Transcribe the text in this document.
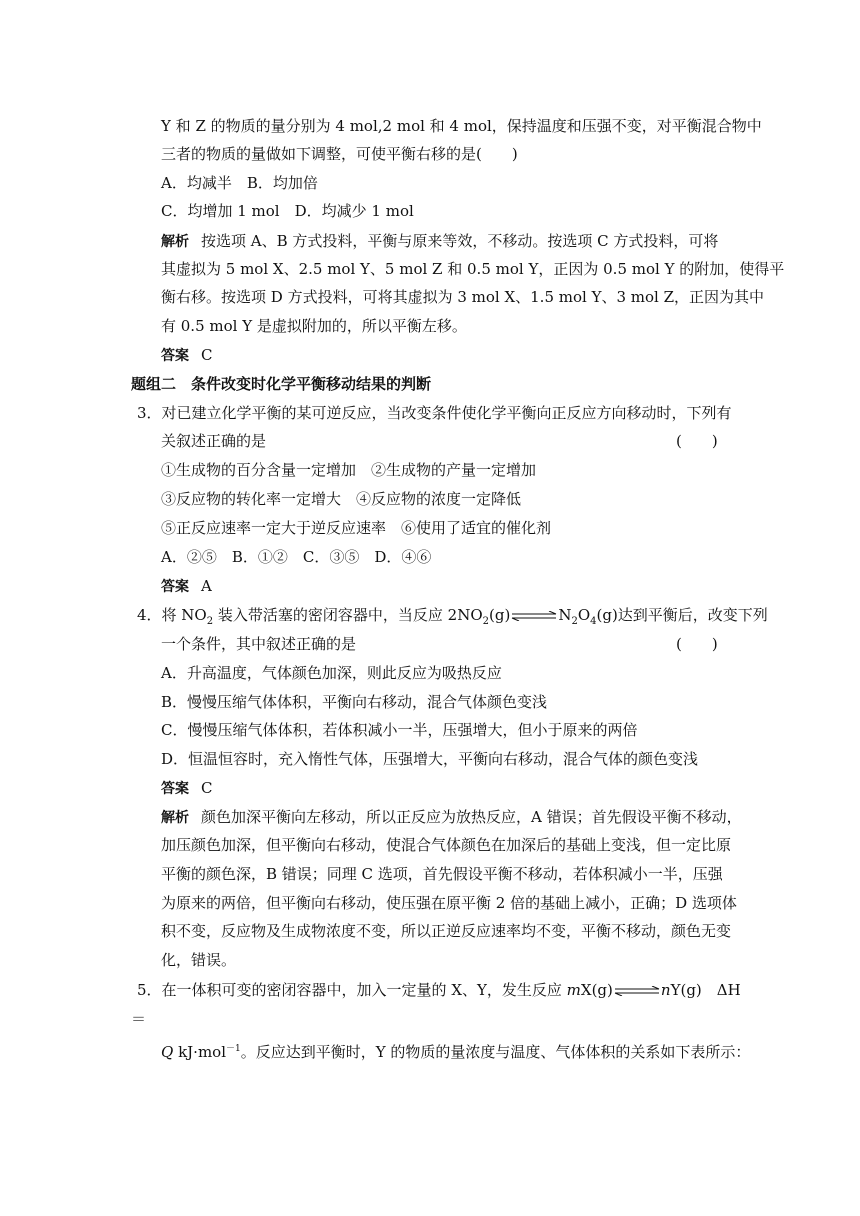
Y 和 Z 的物质的量分别为 4 mol,2 mol 和 4 mol，保持温度和压强不变，对平衡混合物中
三者的物质的量做如下调整，可使平衡右移的是(　　)
A．均减半　B．均加倍
C．均增加 1 mol　D．均减少 1 mol
解析 按选项 A、B 方式投料，平衡与原来等效，不移动。按选项 C 方式投料，可将
其虚拟为 5 mol X、2.5 mol Y、5 mol Z 和 0.5 mol Y，正因为 0.5 mol Y 的附加，使得平
衡右移。按选项 D 方式投料，可将其虚拟为 3 mol X、1.5 mol Y、3 mol Z，正因为其中
有 0.5 mol Y 是虚拟附加的，所以平衡左移。
答案 C
题组二　条件改变时化学平衡移动结果的判断
3．对已建立化学平衡的某可逆反应，当改变条件使化学平衡向正反应方向移动时，下列有
关叙述正确的是	(　　)
①生成物的百分含量一定增加　②生成物的产量一定增加
③反应物的转化率一定增大　④反应物的浓度一定降低
⑤正反应速率一定大于逆反应速率　⑥使用了适宜的催化剂
A．②⑤　B．①②　C．③⑤　D．④⑥
答案 A
4．将 $NO_2$ 装入带活塞的密闭容器中，当反应 $2NO_2(g)\rightleftharpoons N_2O_4(g)$达到平衡后，改变下列
一个条件，其中叙述正确的是	(　　)
A．升高温度，气体颜色加深，则此反应为吸热反应
B．慢慢压缩气体体积，平衡向右移动，混合气体颜色变浅
C．慢慢压缩气体体积，若体积减小一半，压强增大，但小于原来的两倍
D．恒温恒容时，充入惰性气体，压强增大，平衡向右移动，混合气体的颜色变浅
答案 C
解析 颜色加深平衡向左移动，所以正反应为放热反应，A 错误；首先假设平衡不移动，
加压颜色加深，但平衡向右移动，使混合气体颜色在加深后的基础上变浅，但一定比原
平衡的颜色深，B 错误；同理 C 选项，首先假设平衡不移动，若体积减小一半，压强
为原来的两倍，但平衡向右移动，使压强在原平衡 2 倍的基础上减小，正确；D 选项体
积不变，反应物及生成物浓度不变，所以正逆反应速率均不变，平衡不移动，颜色无变
化，错误。
5．在一体积可变的密闭容器中，加入一定量的 X、Y，发生反应 mX(g)⇌nY(g)　ΔH
＝
Q kJ·mol$^{-1}$。反应达到平衡时，Y 的物质的量浓度与温度、气体体积的关系如下表所示：
